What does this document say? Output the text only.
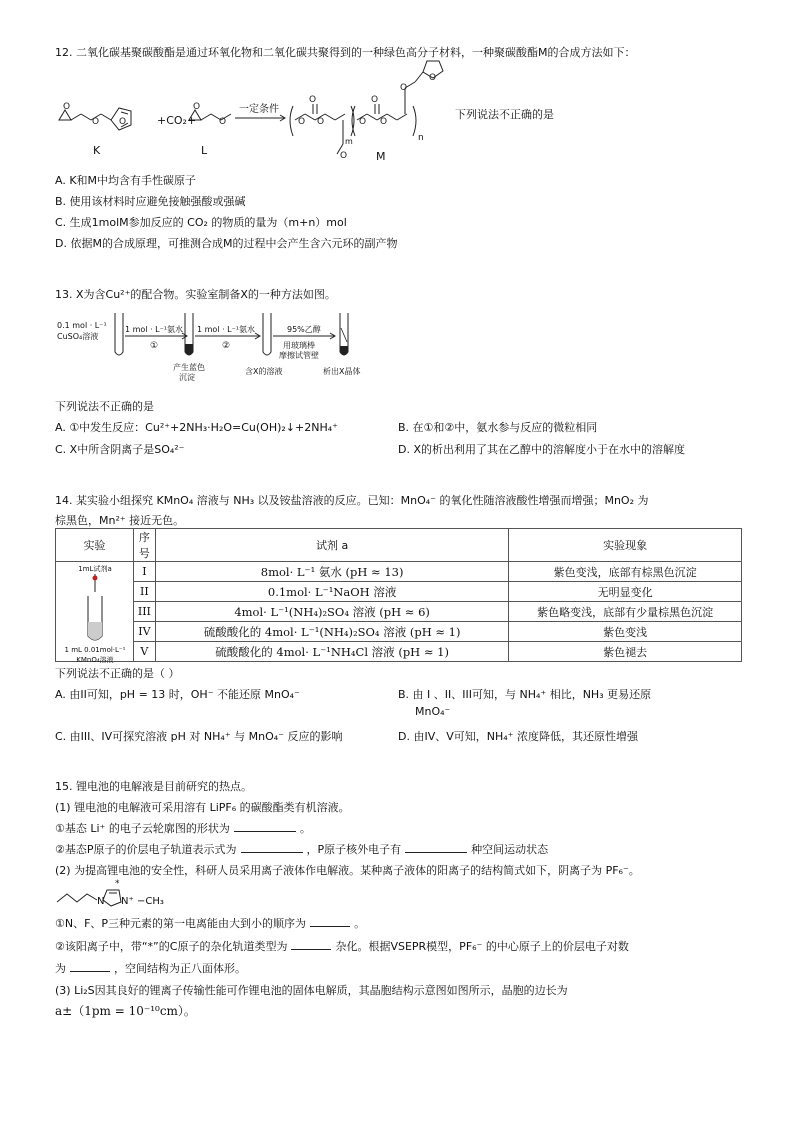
12. 二氧化碳基聚碳酸酯是通过环氧化物和二氧化碳共聚得到的一种绿色高分子材料，一种聚碳酸酯M的合成方法如下：
O O
O
O O
O
O
O
O
O
O O
O
O
+CO₂+
一定条件
K	L	M
m	n
下列说法不正确的是
A. K和M中均含有手性碳原子
B. 使用该材料时应避免接触强酸或强碱
C. 生成1molM参加反应的 CO₂ 的物质的量为（m+n）mol
D. 依据M的合成原理，可推测合成M的过程中会产生含六元环的副产物
13. X为含Cu²⁺的配合物。实验室制备X的一种方法如图。
0.1 mol · L⁻¹
CuSO₄溶液
1 mol · L⁻¹氨水
①
1 mol · L⁻¹氨水
②
95%乙醇
用玻璃棒
摩擦试管壁
产生蓝色
沉淀
含X的溶液	析出X晶体
下列说法不正确的是
A. ①中发生反应：Cu²⁺+2NH₃·H₂O=Cu(OH)₂↓+2NH₄⁺	B. 在①和②中，氨水参与反应的微粒相同
C. X中所含阴离子是SO₄²⁻	D. X的析出利用了其在乙醇中的溶解度小于在水中的溶解度
14. 某实验小组探究 KMnO₄ 溶液与 NH₃ 以及铵盐溶液的反应。已知：MnO₄⁻ 的氧化性随溶液酸性增强而增强；MnO₂ 为
棕黑色，Mn²⁺ 接近无色。
实验	序号	试剂 a	实验现象

1mL试剂a
1 mL 0.01mol·L⁻¹
KMnO₄溶液	I	8mol· L⁻¹ 氨水 (pH ≈ 13)	紫色变浅，底部有棕黑色沉淀
	II	0.1mol· L⁻¹NaOH 溶液	无明显变化
	III	4mol· L⁻¹(NH₄)₂SO₄ 溶液 (pH ≈ 6)	紫色略变浅，底部有少量棕黑色沉淀
	IV	硫酸酸化的 4mol· L⁻¹(NH₄)₂SO₄ 溶液 (pH ≈ 1)	紫色变浅
	V	硫酸酸化的 4mol· L⁻¹NH₄Cl 溶液 (pH ≈ 1)	紫色褪去
下列说法不正确的是（ ）
A. 由II可知，pH = 13 时，OH⁻ 不能还原 MnO₄⁻	B. 由 I 、II、III可知，与 NH₄⁺ 相比，NH₃ 更易还原
MnO₄⁻
C. 由III、IV可探究溶液 pH 对 NH₄⁺ 与 MnO₄⁻ 反应的影响	D. 由IV、V可知，NH₄⁺ 浓度降低，其还原性增强
15. 锂电池的电解液是目前研究的热点。
(1) 锂电池的电解液可采用溶有 LiPF₆ 的碳酸酯类有机溶液。
①基态 Li⁺ 的电子云轮廓图的形状为	。
②基态P原子的价层电子轨道表示式为	，P原子核外电子有	种空间运动状态
(2) 为提高锂电池的安全性，科研人员采用离子液体作电解液。某种离子液体的阳离子的结构简式如下，阴离子为 PF₆⁻。
N N⁺ −CH₃
*
①N、F、P三种元素的第一电离能由大到小的顺序为	。
②该阳离子中，带“*”的C原子的杂化轨道类型为	杂化。根据VSEPR模型，PF₆⁻ 的中心原子上的价层电子对数
为	，空间结构为正八面体形。
(3) Li₂S因其良好的锂离子传输性能可作锂电池的固体电解质，其晶胞结构示意图如图所示，晶胞的边长为
a±（1pm = 10⁻¹⁰cm）。
